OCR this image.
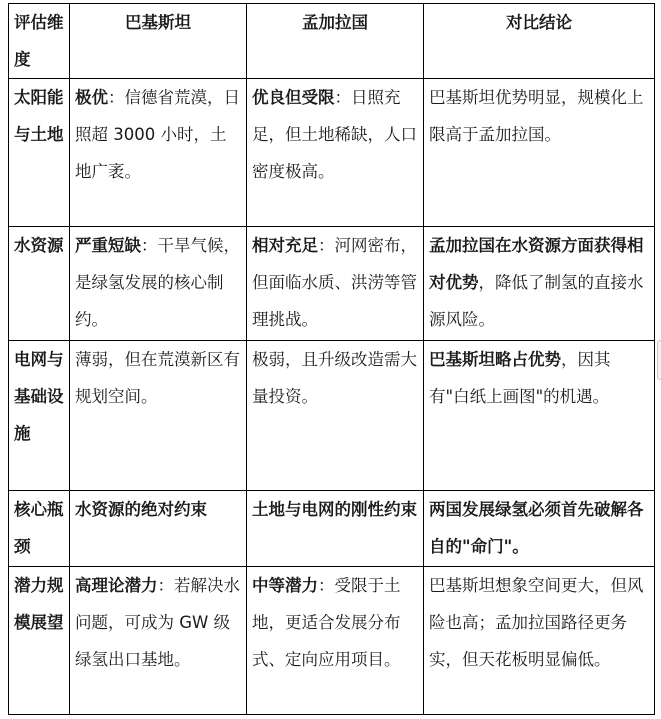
评估维度	巴基斯坦	孟加拉国	对比结论
太阳能与土地	极优：信德省荒漠，日照超 3000 小时，土地广袤。	优良但受限：日照充足，但土地稀缺，人口密度极高。	巴基斯坦优势明显，规模化上限高于孟加拉国。
水资源	严重短缺：干旱气候，是绿氢发展的核心制约。	相对充足：河网密布，但面临水质、洪涝等管理挑战。	孟加拉国在水资源方面获得相对优势，降低了制氢的直接水源风险。
电网与基础设施	薄弱，但在荒漠新区有规划空间。	极弱，且升级改造需大量投资。	巴基斯坦略占优势，因其有"白纸上画图"的机遇。
核心瓶颈	水资源的绝对约束	土地与电网的刚性约束	两国发展绿氢必须首先破解各自的"命门"。
潜力规模展望	高理论潜力：若解决水问题，可成为 GW 级绿氢出口基地。	中等潜力：受限于土地，更适合发展分布式、定向应用项目。	巴基斯坦想象空间更大，但风险也高；孟加拉国路径更务实，但天花板明显偏低。
